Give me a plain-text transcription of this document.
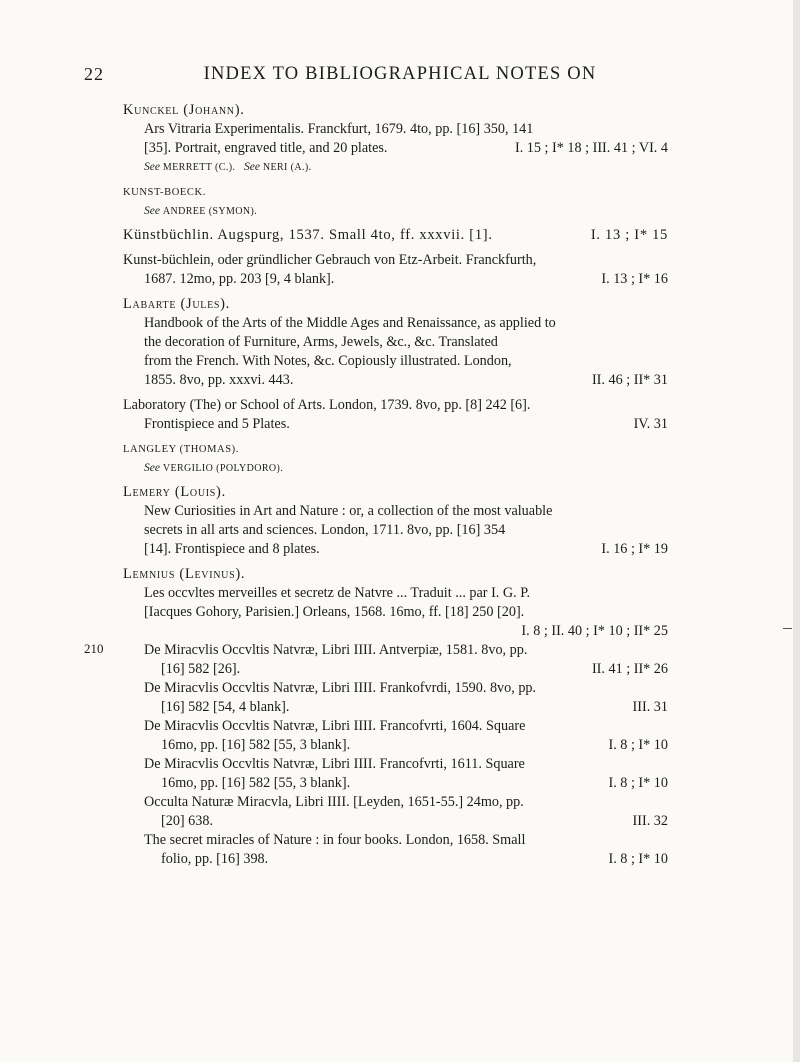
22	INDEX TO BIBLIOGRAPHICAL NOTES ON
Kunckel (Johann).
Ars Vitraria Experimentalis. Franckfurt, 1679. 4to, pp. [16] 350, 141
[35]. Portrait, engraved title, and 20 plates.	I. 15 ; I* 18 ; III. 41 ; VI. 4
See MERRETT (C.). See NERI (A.).
KUNST-BOECK.
See ANDREE (SYMON).
Künstbüchlin. Augspurg, 1537. Small 4to, ff. xxxvii. [1].	I. 13 ; I* 15
Kunst-büchlein, oder gründlicher Gebrauch von Etz-Arbeit. Franckfurth,
1687. 12mo, pp. 203 [9, 4 blank].	I. 13 ; I* 16
Labarte (Jules).
Handbook of the Arts of the Middle Ages and Renaissance, as applied to
the decoration of Furniture, Arms, Jewels, &c., &c. Translated
from the French. With Notes, &c. Copiously illustrated. London,
1855. 8vo, pp. xxxvi. 443.	II. 46 ; II* 31
Laboratory (The) or School of Arts. London, 1739. 8vo, pp. [8] 242 [6].
Frontispiece and 5 Plates.	IV. 31
LANGLEY (THOMAS).
See VERGILIO (POLYDORO).
Lemery (Louis).
New Curiosities in Art and Nature : or, a collection of the most valuable
secrets in all arts and sciences. London, 1711. 8vo, pp. [16] 354
[14]. Frontispiece and 8 plates.	I. 16 ; I* 19
Lemnius (Levinus).
Les occvltes merveilles et secretz de Natvre ... Traduit ... par I. G. P.
[Iacques Gohory, Parisien.] Orleans, 1568. 16mo, ff. [18] 250 [20].
I. 8 ; II. 40 ; I* 10 ; II* 25
210	De Miracvlis Occvltis Natvræ, Libri IIII. Antverpiæ, 1581. 8vo, pp.
[16] 582 [26].	II. 41 ; II* 26
De Miracvlis Occvltis Natvræ, Libri IIII. Frankofvrdi, 1590. 8vo, pp.
[16] 582 [54, 4 blank].	III. 31
De Miracvlis Occvltis Natvræ, Libri IIII. Francofvrti, 1604. Square
16mo, pp. [16] 582 [55, 3 blank].	I. 8 ; I* 10
De Miracvlis Occvltis Natvræ, Libri IIII. Francofvrti, 1611. Square
16mo, pp. [16] 582 [55, 3 blank].	I. 8 ; I* 10
Occulta Naturæ Miracvla, Libri IIII. [Leyden, 1651-55.] 24mo, pp.
[20] 638.	III. 32
The secret miracles of Nature : in four books. London, 1658. Small
folio, pp. [16] 398.	I. 8 ; I* 10
